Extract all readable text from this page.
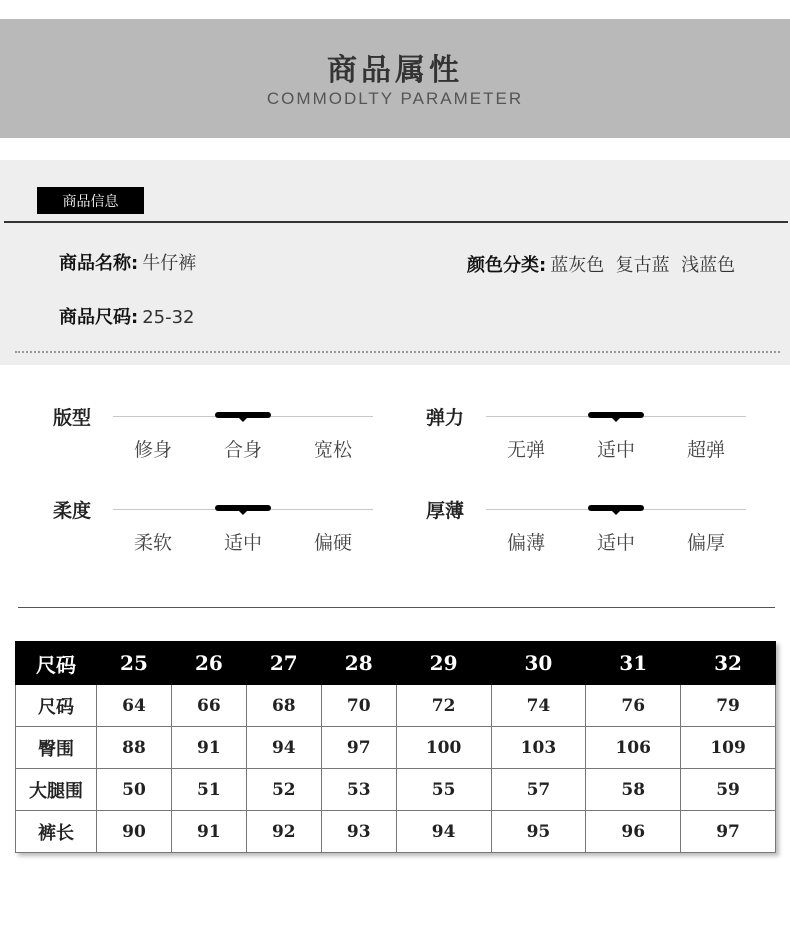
商品属性
COMMODLTY PARAMETER
商品信息
商品名称: 牛仔裤	颜色分类: 蓝灰色  复古蓝  浅蓝色
商品尺码: 25-32
版型
修身	合身	宽松
弹力
无弹	适中	超弹
柔度
柔软	适中	偏硬
厚薄
偏薄	适中	偏厚
尺码	25	26	27	28	29	30	31	32
尺码	64	66	68	70	72	74	76	79
臀围	88	91	94	97	100	103	106	109
大腿围	50	51	52	53	55	57	58	59
裤长	90	91	92	93	94	95	96	97
